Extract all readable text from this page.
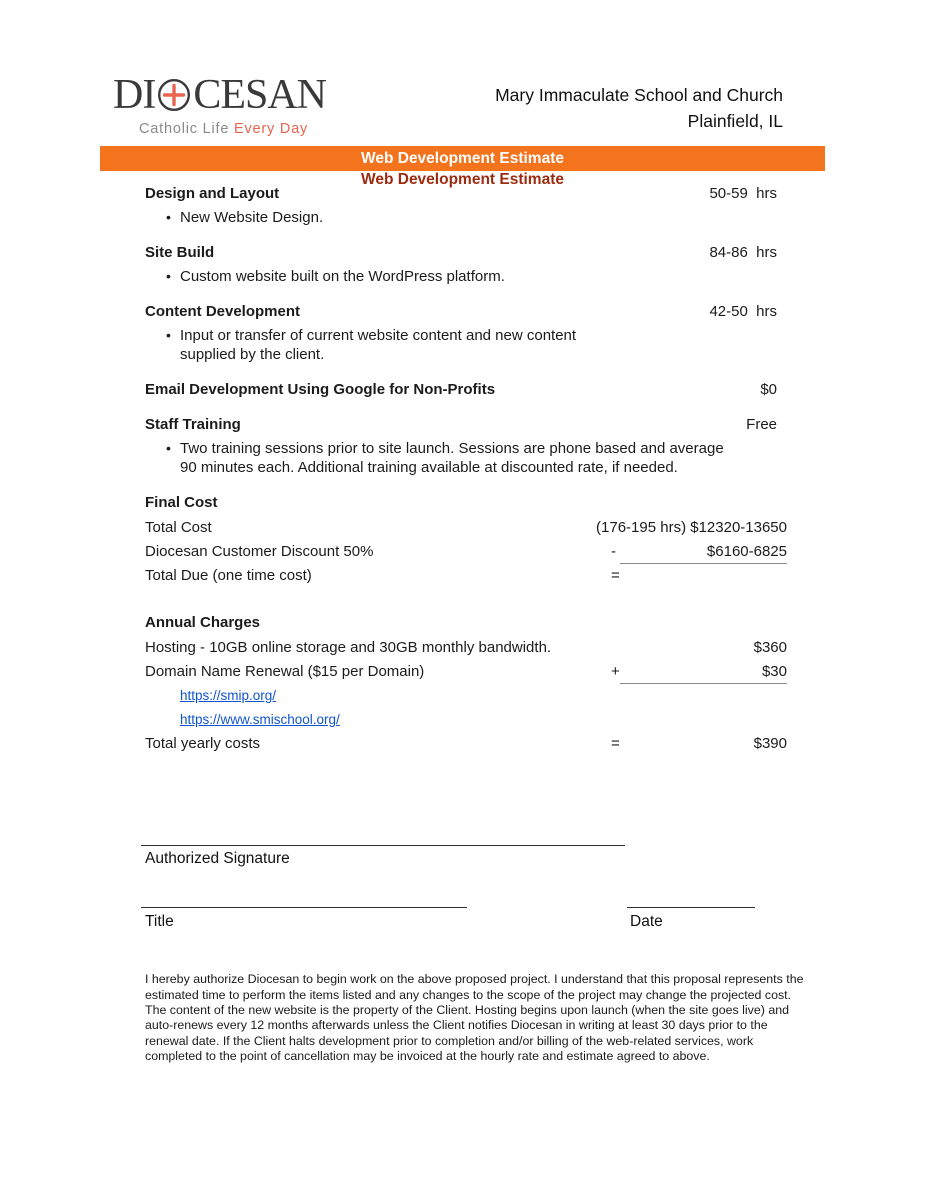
DI CESAN
Catholic Life Every Day
Mary Immaculate School and Church
Plainfield, IL
Web Development Estimate
Web Development Estimate
Design and Layout	50-59  hrs
• New Website Design.
Site Build	84-86  hrs
• Custom website built on the WordPress platform.
Content Development	42-50  hrs
• Input or transfer of current website content and new content supplied by the client.
Email Development Using Google for Non-Profits	$0
Staff Training	Free
• Two training sessions prior to site launch. Sessions are phone based and average 90 minutes each. Additional training available at discounted rate, if needed.
Final Cost
Total Cost	(176-195 hrs) $12320-13650
Diocesan Customer Discount 50%	-	$6160-6825
Total Due (one time cost)	=
Annual Charges
Hosting - 10GB online storage and 30GB monthly bandwidth.	$360
Domain Name Renewal ($15 per Domain)	+	$30
https://smip.org/
https://www.smischool.org/
Total yearly costs	=	$390
Authorized Signature
Title	Date

I hereby authorize Diocesan to begin work on the above proposed project. I understand that this proposal represents the estimated time to perform the items listed and any changes to the scope of the project may change the projected cost. The content of the new website is the property of the Client. Hosting begins upon launch (when the site goes live) and auto-renews every 12 months afterwards unless the Client notifies Diocesan in writing at least 30 days prior to the renewal date. If the Client halts development prior to completion and/or billing of the web-related services, work completed to the point of cancellation may be invoiced at the hourly rate and estimate agreed to above.
